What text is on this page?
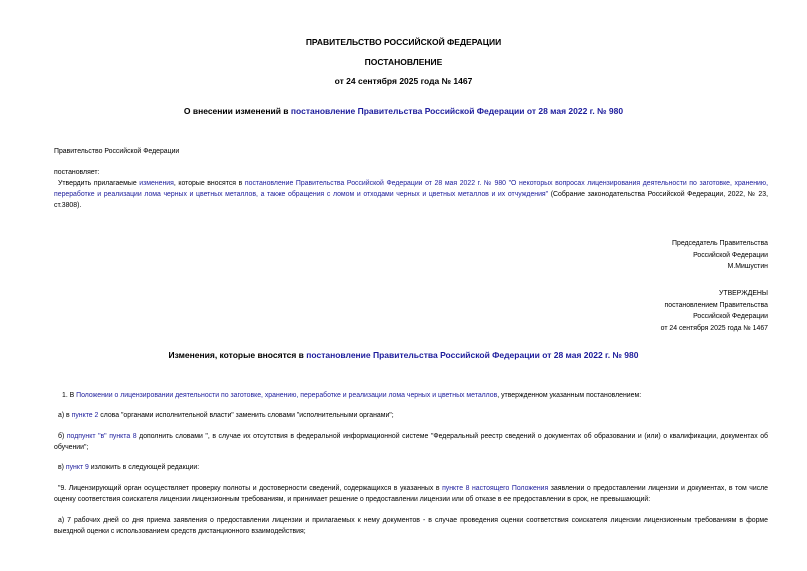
ПРАВИТЕЛЬСТВО РОССИЙСКОЙ ФЕДЕРАЦИИ
ПОСТАНОВЛЕНИЕ
от 24 сентября 2025 года № 1467
О внесении изменений в постановление Правительства Российской Федерации от 28 мая 2022 г. № 980
Правительство Российской Федерации
постановляет:
Утвердить прилагаемые изменения, которые вносятся в постановление Правительства Российской Федерации от 28 мая 2022 г. № 980 "О некоторых вопросах лицензирования деятельности по заготовке, хранению, переработке и реализации лома черных и цветных металлов, а также обращения с ломом и отходами черных и цветных металлов и их отчуждения" (Собрание законодательства Российской Федерации, 2022, № 23, ст.3808).
Председатель Правительства
Российской Федерации
М.Мишустин
УТВЕРЖДЕНЫ
постановлением Правительства
Российской Федерации
от 24 сентября 2025 года № 1467
Изменения, которые вносятся в постановление Правительства Российской Федерации от 28 мая 2022 г. № 980
1. В Положении о лицензировании деятельности по заготовке, хранению, переработке и реализации лома черных и цветных металлов, утвержденном указанным постановлением:
а) в пункте 2 слова "органами исполнительной власти" заменить словами "исполнительными органами";
б) подпункт "в" пункта 8 дополнить словами ", в случае их отсутствия в федеральной информационной системе "Федеральный реестр сведений о документах об образовании и (или) о квалификации, документах об обучении";
в) пункт 9 изложить в следующей редакции:
"9. Лицензирующий орган осуществляет проверку полноты и достоверности сведений, содержащихся в указанных в пункте 8 настоящего Положения заявлении о предоставлении лицензии и документах, в том числе оценку соответствия соискателя лицензии лицензионным требованиям, и принимает решение о предоставлении лицензии или об отказе в ее предоставлении в срок, не превышающий:
а) 7 рабочих дней со дня приема заявления о предоставлении лицензии и прилагаемых к нему документов - в случае проведения оценки соответствия соискателя лицензии лицензионным требованиям в форме выездной оценки с использованием средств дистанционного взаимодействия;
